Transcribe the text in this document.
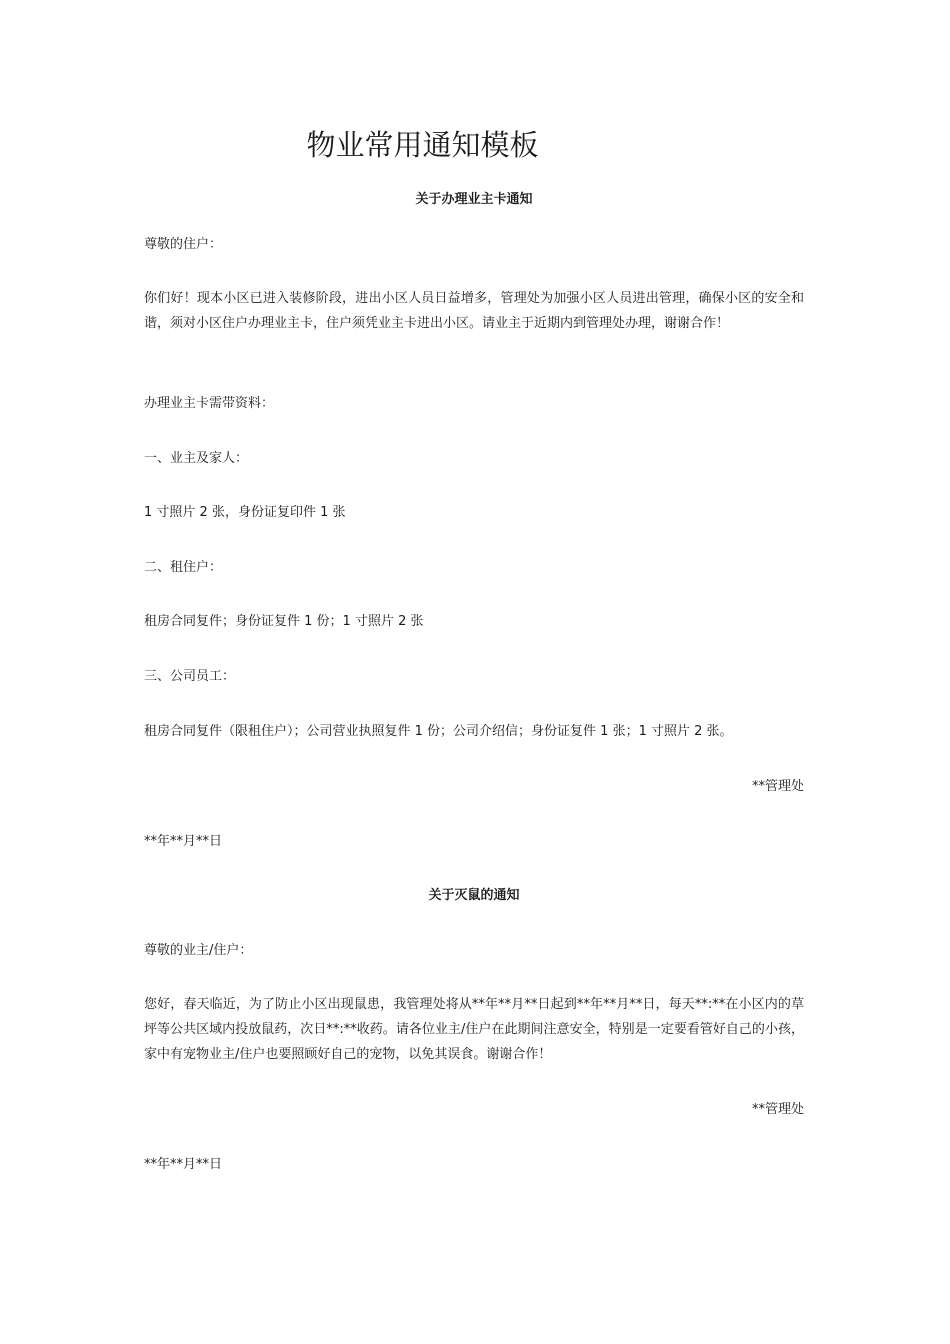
物业常用通知模板
关于办理业主卡通知

尊敬的住户：

你们好！现本小区已进入装修阶段，进出小区人员日益增多，管理处为加强小区人员进出管理，确保小区的安全和谐，须对小区住户办理业主卡，住户须凭业主卡进出小区。请业主于近期内到管理处办理，谢谢合作！

办理业主卡需带资料：

一、业主及家人：

1 寸照片 2 张，身份证复印件 1 张

二、租住户：

租房合同复件；身份证复件 1 份；1 寸照片 2 张

三、公司员工：

租房合同复件（限租住户）；公司营业执照复件 1 份；公司介绍信；身份证复件 1 张；1 寸照片 2 张。

**管理处

**年**月**日

关于灭鼠的通知

尊敬的业主/住户：

您好，春天临近，为了防止小区出现鼠患，我管理处将从**年**月**日起到**年**月**日，每天**:**在小区内的草坪等公共区域内投放鼠药，次日**:**收药。请各位业主/住户在此期间注意安全，特别是一定要看管好自己的小孩，家中有宠物业主/住户也要照顾好自己的宠物，以免其误食。谢谢合作！

**管理处

**年**月**日
